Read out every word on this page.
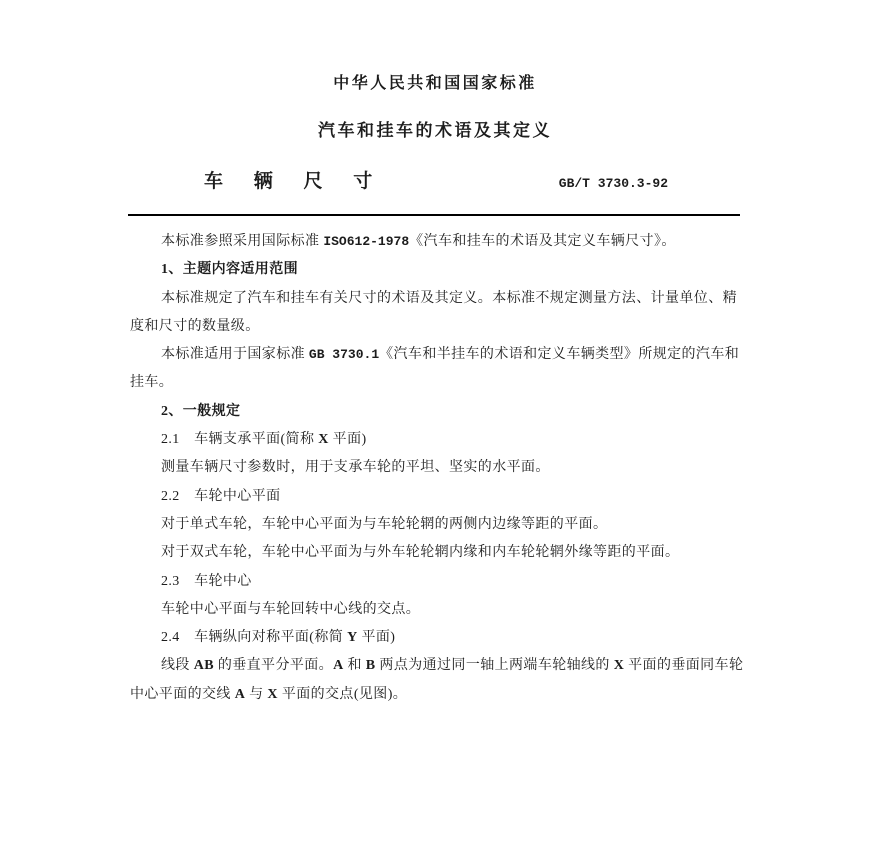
中华人民共和国国家标准
汽车和挂车的术语及其定义
车 辆 尺 寸	GB/T 3730.3-92
本标准参照采用国际标准 ISO612-1978《汽车和挂车的术语及其定义车辆尺寸》。
1、主题内容适用范围
本标准规定了汽车和挂车有关尺寸的术语及其定义。本标准不规定测量方法、计量单位、精
度和尺寸的数量级。
本标准适用于国家标准 GB 3730.1《汽车和半挂车的术语和定义车辆类型》所规定的汽车和
挂车。
2、一般规定
2.1　车辆支承平面(简称 X 平面)
测量车辆尺寸参数时，用于支承车轮的平坦、坚实的水平面。
2.2　车轮中心平面
对于单式车轮，车轮中心平面为与车轮轮辋的两侧内边缘等距的平面。
对于双式车轮，车轮中心平面为与外车轮轮辋内缘和内车轮轮辋外缘等距的平面。
2.3　车轮中心
车轮中心平面与车轮回转中心线的交点。
2.4　车辆纵向对称平面(称简 Y 平面)
线段 AB 的垂直平分平面。A 和 B 两点为通过同一轴上两端车轮轴线的 X 平面的垂面同车轮
中心平面的交线 A 与 X 平面的交点(见图)。
